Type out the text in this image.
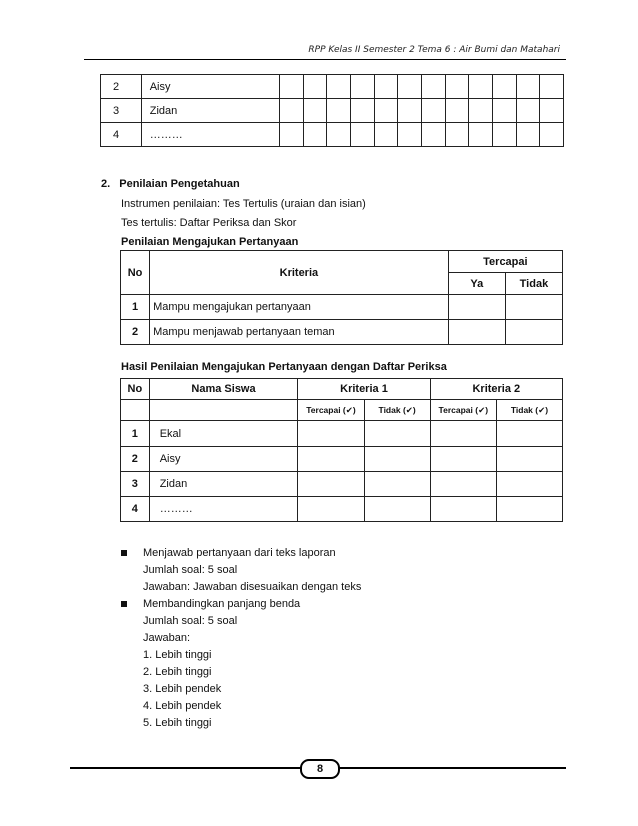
RPP Kelas II Semester 2 Tema 6 : Air Bumi dan Matahari
2	Aisy												
3	Zidan												
4	………												
2. Penilaian Pengetahuan
Instrumen penilaian: Tes Tertulis (uraian dan isian)
Tes tertulis: Daftar Periksa dan Skor
Penilaian Mengajukan Pertanyaan
No	Kriteria	Tercapai	
		Ya	Tidak
1	Mampu mengajukan pertanyaan		
2	Mampu menjawab pertanyaan teman		
Hasil Penilaian Mengajukan Pertanyaan dengan Daftar Periksa
No	Nama Siswa	Kriteria 1		Kriteria 2	
		Tercapai (✔)	Tidak (✔)	Tercapai (✔)	Tidak (✔)
1	Ekal				
2	Aisy				
3	Zidan				
4	………				
Menjawab pertanyaan dari teks laporan
Jumlah soal: 5 soal
Jawaban: Jawaban disesuaikan dengan teks
Membandingkan panjang benda
Jumlah soal: 5 soal
Jawaban:
1. Lebih tinggi
2. Lebih tinggi
3. Lebih pendek
4. Lebih pendek
5. Lebih tinggi
8
